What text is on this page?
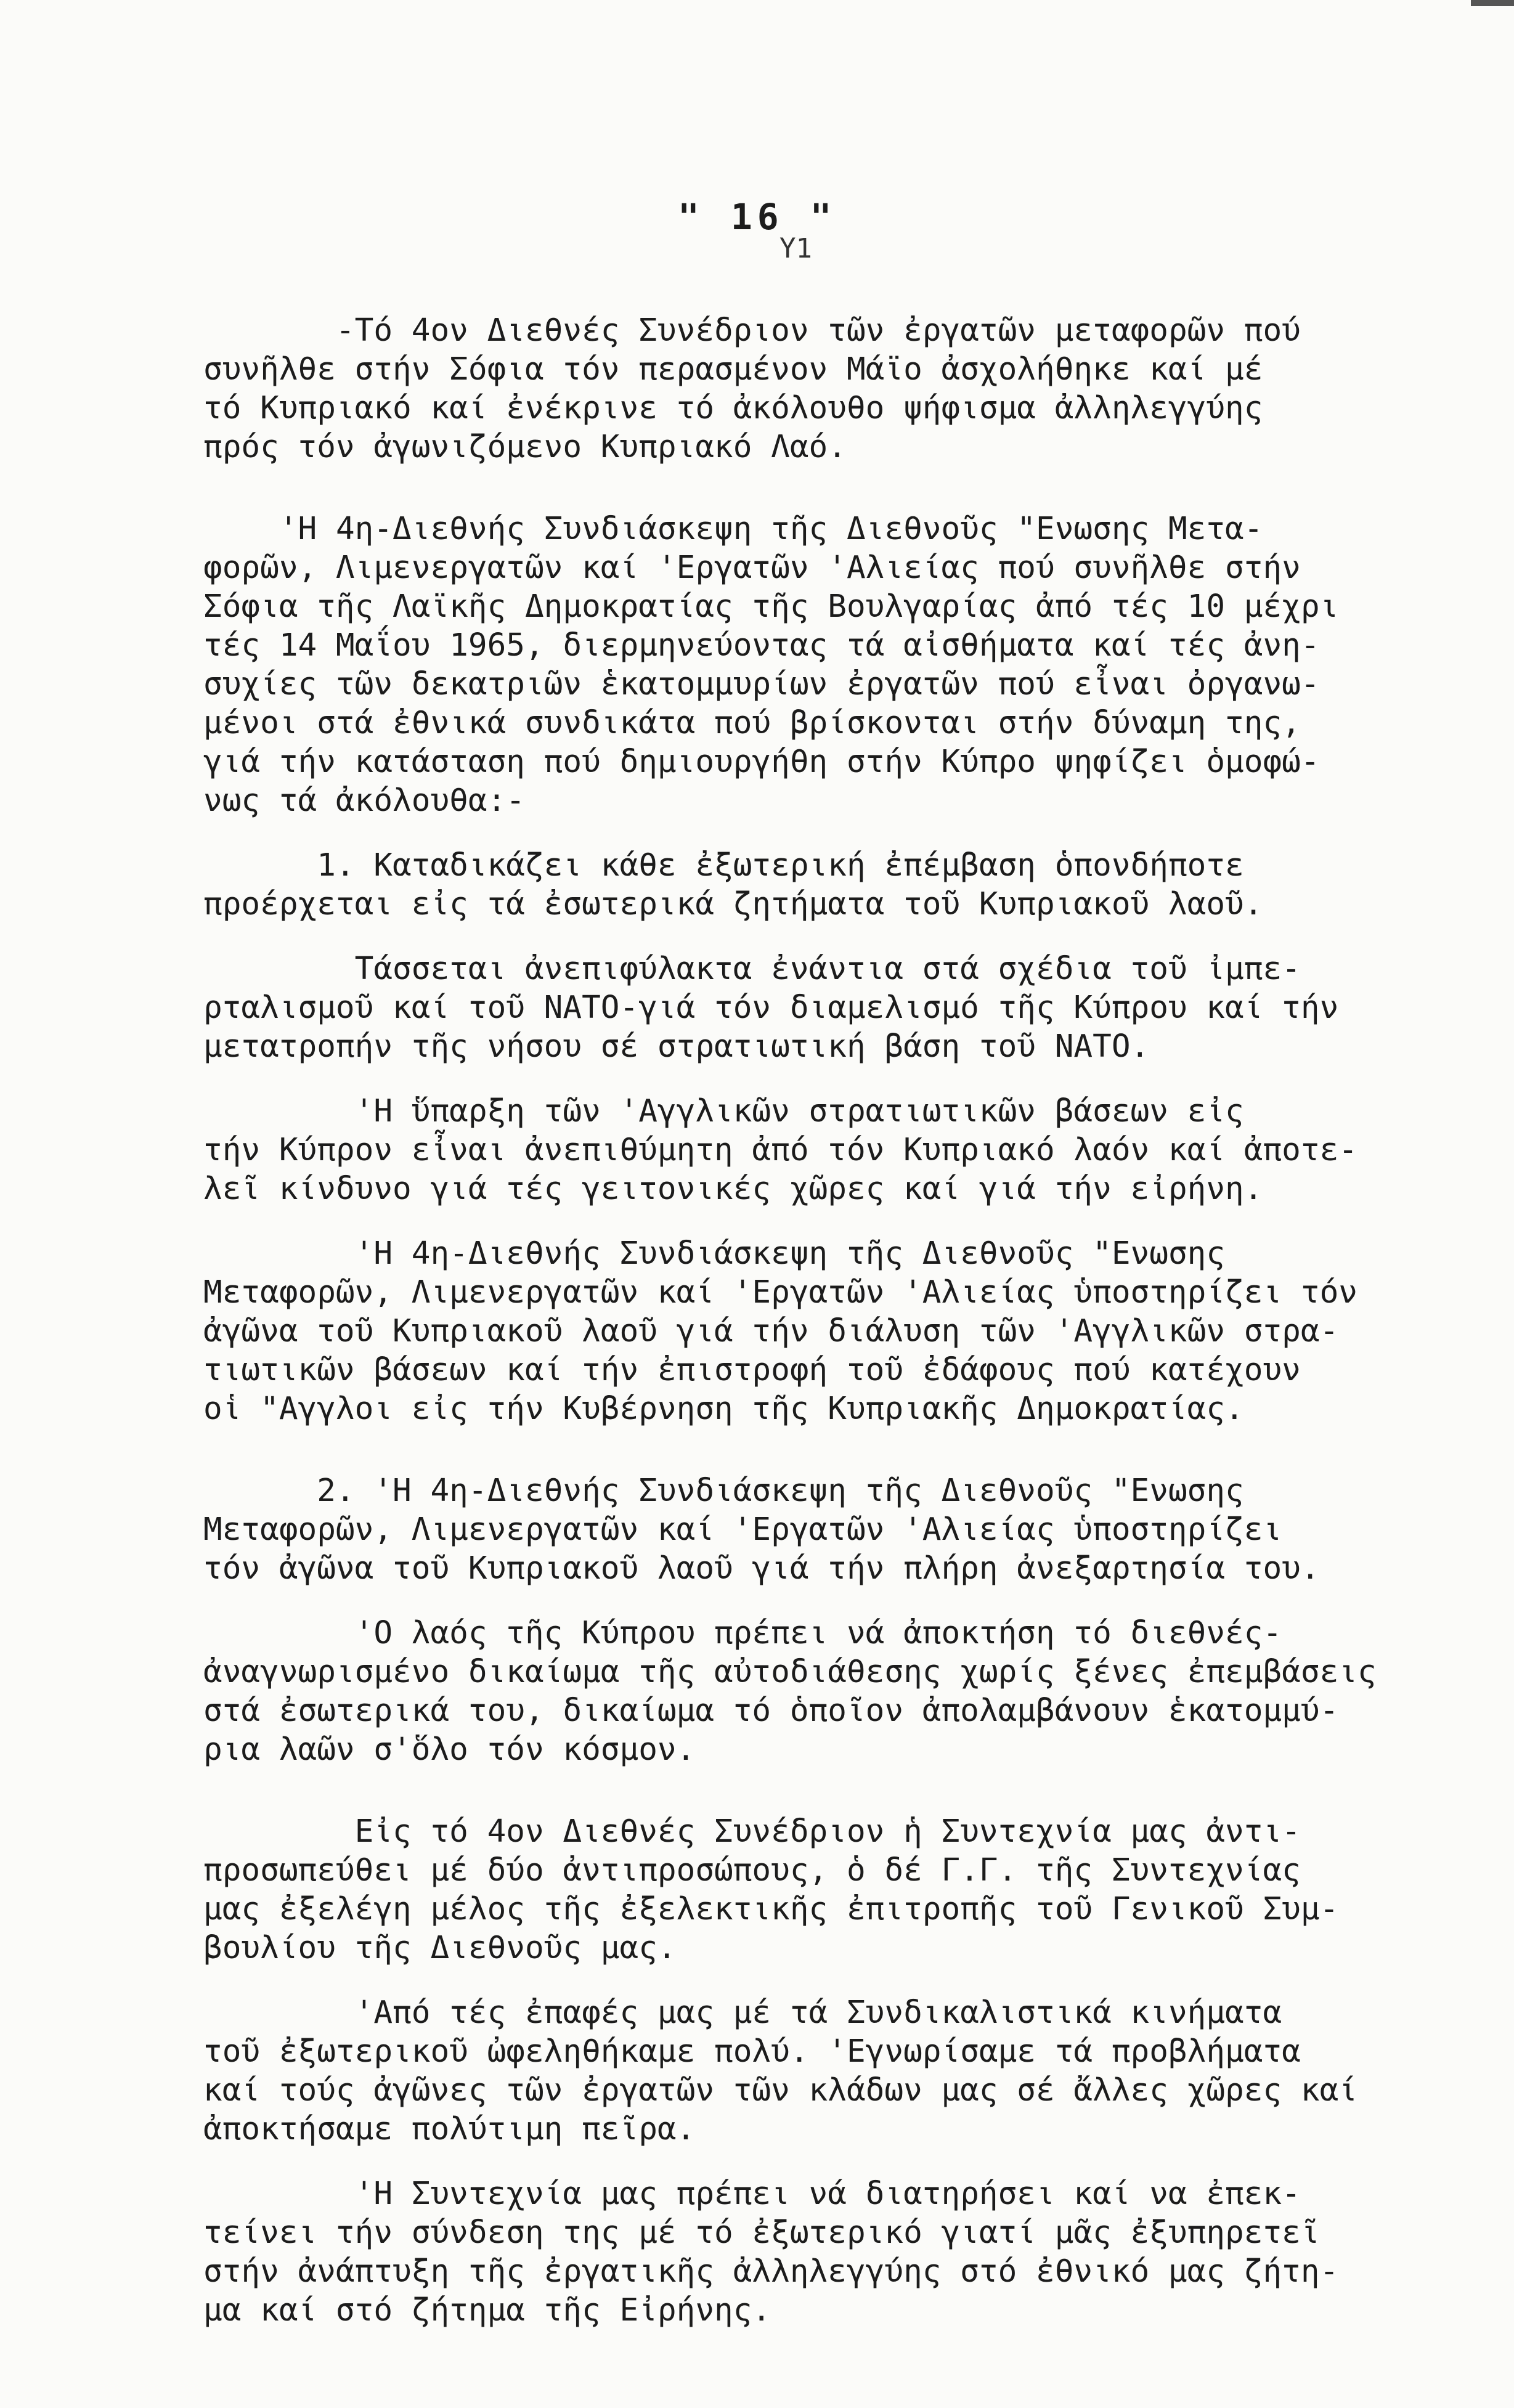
" 16 "
Υ1

-Τό 4ον Διεθνές Συνέδριον τῶν ἐργατῶν μεταφορῶν πού
συνῆλθε στήν Σόφια τόν περασμένον Μάϊο ἀσχολήθηκε καί μέ
τό Κυπριακό καί ἐνέκρινε τό ἀκόλουθο ψήφισμα ἀλληλεγγύης
πρός τόν ἀγωνιζόμενο Κυπριακό Λαό.

'Η 4η-Διεθνής Συνδιάσκεψη τῆς Διεθνοῦς "Ενωσης Μετα-
φορῶν, Λιμενεργατῶν καί 'Εργατῶν 'Αλιείας πού συνῆλθε στήν
Σόφια τῆς Λαϊκῆς Δημοκρατίας τῆς Βουλγαρίας ἀπό τές 10 μέχρι
τές 14 Μαΐου 1965, διερμηνεύοντας τά αἰσθήματα καί τές ἀνη-
συχίες τῶν δεκατριῶν ἑκατομμυρίων ἐργατῶν πού εἶναι ὀργανω-
μένοι στά ἐθνικά συνδικάτα πού βρίσκονται στήν δύναμη της,
γιά τήν κατάσταση πού δημιουργήθη στήν Κύπρο ψηφίζει ὁμοφώ-
νως τά ἀκόλουθα:-

1. Καταδικάζει κάθε ἐξωτερική ἐπέμβαση ὁπονδήποτε
προέρχεται εἰς τά ἐσωτερικά ζητήματα τοῦ Κυπριακοῦ λαοῦ.

Τάσσεται ἀνεπιφύλακτα ἐνάντια στά σχέδια τοῦ ἰμπε-
ρταλισμοῦ καί τοῦ ΝΑΤΟ-γιά τόν διαμελισμό τῆς Κύπρου καί τήν
μετατροπήν τῆς νήσου σέ στρατιωτική βάση τοῦ ΝΑΤΟ.

'Η ὕπαρξη τῶν 'Αγγλικῶν στρατιωτικῶν βάσεων εἰς
τήν Κύπρον εἶναι ἀνεπιθύμητη ἀπό τόν Κυπριακό λαόν καί ἀποτε-
λεῖ κίνδυνο γιά τές γειτονικές χῶρες καί γιά τήν εἰρήνη.

'Η 4η-Διεθνής Συνδιάσκεψη τῆς Διεθνοῦς "Ενωσης
Μεταφορῶν, Λιμενεργατῶν καί 'Εργατῶν 'Αλιείας ὑποστηρίζει τόν
ἀγῶνα τοῦ Κυπριακοῦ λαοῦ γιά τήν διάλυση τῶν 'Αγγλικῶν στρα-
τιωτικῶν βάσεων καί τήν ἐπιστροφή τοῦ ἐδάφους πού κατέχουν
οἱ "Αγγλοι εἰς τήν Κυβέρνηση τῆς Κυπριακῆς Δημοκρατίας.

2. 'Η 4η-Διεθνής Συνδιάσκεψη τῆς Διεθνοῦς "Ενωσης
Μεταφορῶν, Λιμενεργατῶν καί 'Εργατῶν 'Αλιείας ὑποστηρίζει
τόν ἀγῶνα τοῦ Κυπριακοῦ λαοῦ γιά τήν πλήρη ἀνεξαρτησία του.

'Ο λαός τῆς Κύπρου πρέπει νά ἀποκτήση τό διεθνές-
ἀναγνωρισμένο δικαίωμα τῆς αὐτοδιάθεσης χωρίς ξένες ἐπεμβάσεις
στά ἐσωτερικά του, δικαίωμα τό ὁποῖον ἀπολαμβάνουν ἑκατομμύ-
ρια λαῶν σ'ὅλο τόν κόσμον.

Εἰς τό 4ον Διεθνές Συνέδριον ἡ Συντεχνία μας ἀντι-
προσωπεύθει μέ δύο ἀντιπροσώπους, ὁ δέ Γ.Γ. τῆς Συντεχνίας
μας ἐξελέγη μέλος τῆς ἐξελεκτικῆς ἐπιτροπῆς τοῦ Γενικοῦ Συμ-
βουλίου τῆς Διεθνοῦς μας.

'Από τές ἐπαφές μας μέ τά Συνδικαλιστικά κινήματα
τοῦ ἐξωτερικοῦ ὠφεληθήκαμε πολύ. 'Εγνωρίσαμε τά προβλήματα
καί τούς ἀγῶνες τῶν ἐργατῶν τῶν κλάδων μας σέ ἄλλες χῶρες καί
ἀποκτήσαμε πολύτιμη πεῖρα.

'Η Συντεχνία μας πρέπει νά διατηρήσει καί να ἐπεκ-
τείνει τήν σύνδεση της μέ τό ἐξωτερικό γιατί μᾶς ἐξυπηρετεῖ
στήν ἀνάπτυξη τῆς ἐργατικῆς ἀλληλεγγύης στό ἐθνικό μας ζήτη-
μα καί στό ζήτημα τῆς Εἰρήνης.
